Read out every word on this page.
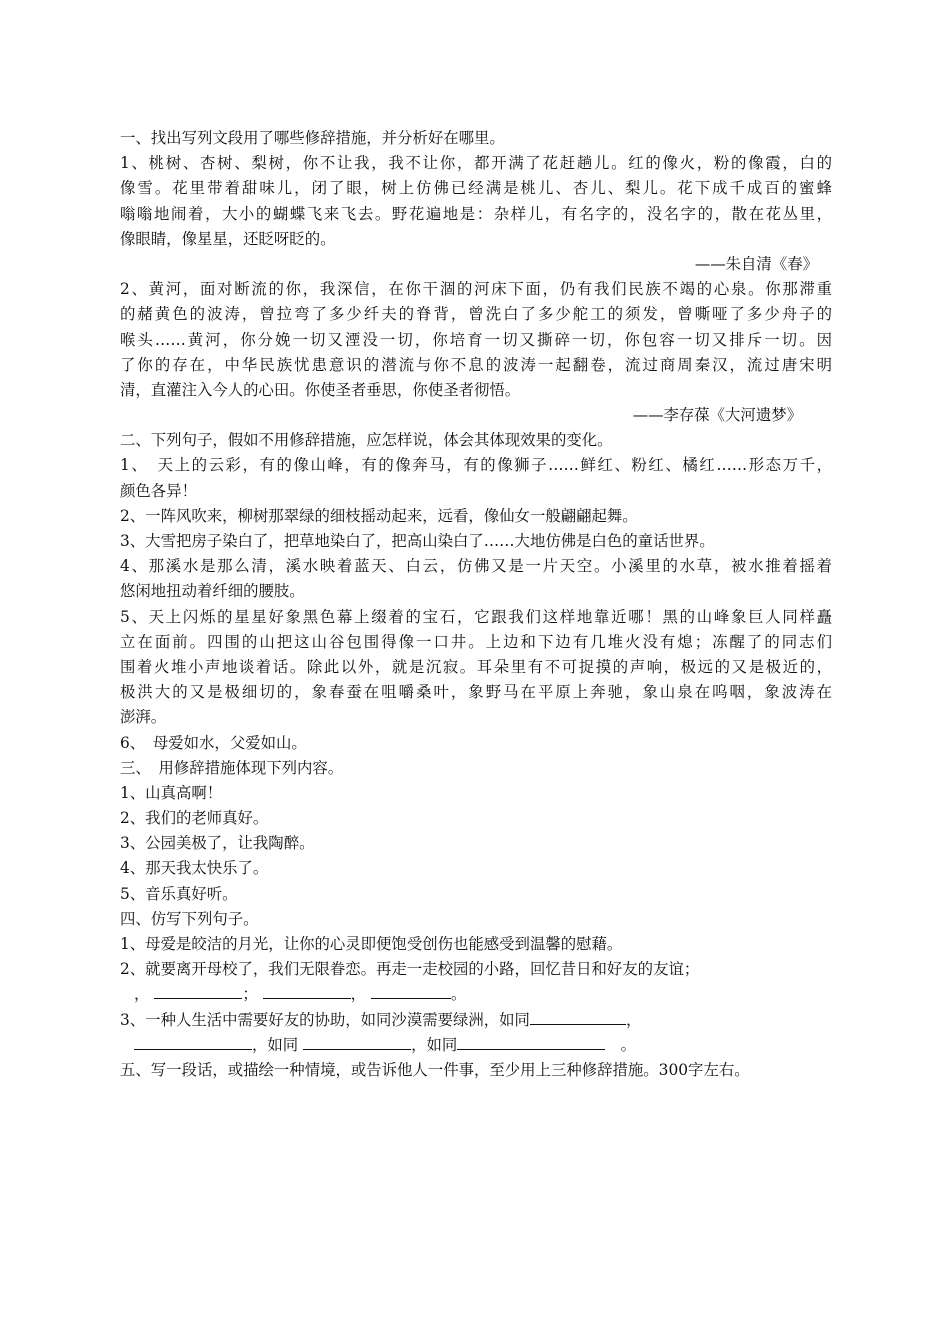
一、找出写列文段用了哪些修辞措施，并分析好在哪里。
1、桃树、杏树、梨树，你不让我，我不让你，都开满了花赶趟儿。红的像火，粉的像霞，白的
像雪。花里带着甜味儿，闭了眼，树上仿佛已经满是桃儿、杏儿、梨儿。花下成千成百的蜜蜂
嗡嗡地闹着，大小的蝴蝶飞来飞去。野花遍地是：杂样儿，有名字的，没名字的，散在花丛里，
像眼睛，像星星，还眨呀眨的。
——朱自清《春》
2、黄河，面对断流的你，我深信，在你干涸的河床下面，仍有我们民族不竭的心泉。你那滞重
的赭黄色的波涛，曾拉弯了多少纤夫的脊背，曾洗白了多少舵工的须发，曾嘶哑了多少舟子的
喉头……黄河，你分娩一切又湮没一切，你培育一切又撕碎一切，你包容一切又排斥一切。因
了你的存在，中华民族忧患意识的潜流与你不息的波涛一起翻卷，流过商周秦汉，流过唐宋明
清，直灌注入今人的心田。你使圣者垂思，你使圣者彻悟。
——李存葆《大河遗梦》
二、下列句子，假如不用修辞措施，应怎样说，体会其体现效果的变化。
1、　天上的云彩，有的像山峰，有的像奔马，有的像狮子……鲜红、粉红、橘红……形态万千，
颜色各异！
2、一阵风吹来，柳树那翠绿的细枝摇动起来，远看，像仙女一般翩翩起舞。
3、大雪把房子染白了，把草地染白了，把高山染白了……大地仿佛是白色的童话世界。
4、那溪水是那么清，溪水映着蓝天、白云，仿佛又是一片天空。小溪里的水草，被水推着摇着
悠闲地扭动着纤细的腰肢。
5、天上闪烁的星星好象黑色幕上缀着的宝石，它跟我们这样地靠近哪！黑的山峰象巨人同样矗
立在面前。四围的山把这山谷包围得像一口井。上边和下边有几堆火没有熄；冻醒了的同志们
围着火堆小声地谈着话。除此以外，就是沉寂。耳朵里有不可捉摸的声响，极远的又是极近的，
极洪大的又是极细切的，象春蚕在咀嚼桑叶，象野马在平原上奔驰，象山泉在呜咽，象波涛在
澎湃。
6、　母爱如水，父爱如山。
三、　用修辞措施体现下列内容。
1、山真高啊！
2、我们的老师真好。
3、公园美极了，让我陶醉。
4、那天我太快乐了。
5、音乐真好听。
四、仿写下列句子。
1、母爱是皎洁的月光，让你的心灵即便饱受创伤也能感受到温馨的慰藉。
2、就要离开母校了，我们无限眷恋。再走一走校园的小路，回忆昔日和好友的友谊；
，	；	，	。
3、一种人生活中需要好友的协助，如同沙漠需要绿洲，如同	，
，如同	，如同	　。
五、写一段话，或描绘一种情境，或告诉他人一件事，至少用上三种修辞措施。300字左右。
